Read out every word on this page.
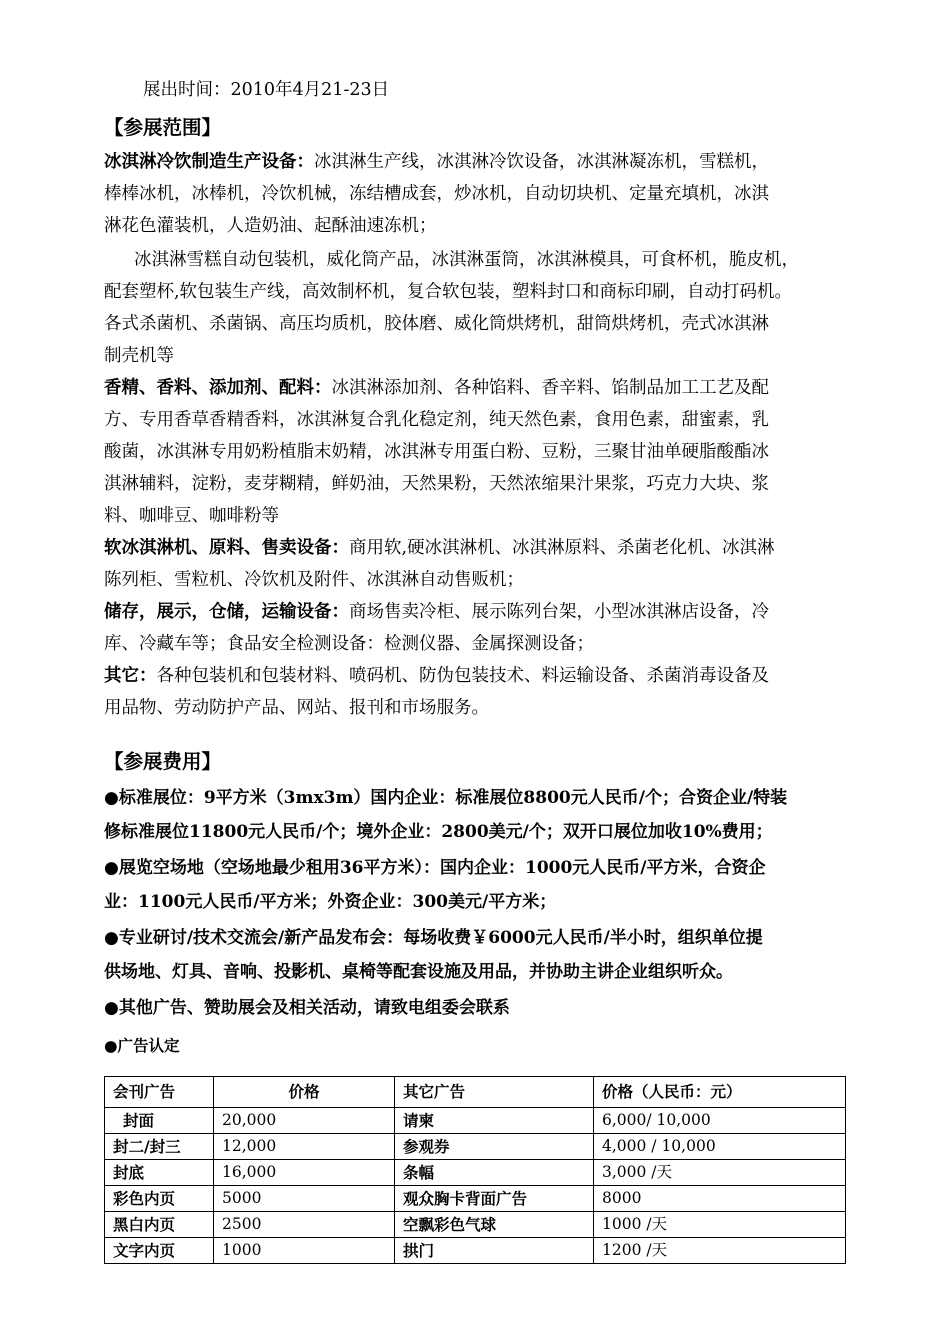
展出时间：2010年4月21-23日
【参展范围】
冰淇淋冷饮制造生产设备：冰淇淋生产线，冰淇淋冷饮设备，冰淇淋凝冻机，雪糕机，
棒棒冰机，冰棒机，冷饮机械，冻结槽成套，炒冰机，自动切块机、定量充填机，冰淇
淋花色灌装机，人造奶油、起酥油速冻机；
冰淇淋雪糕自动包装机，威化筒产品，冰淇淋蛋筒，冰淇淋模具，可食杯机，脆皮机，
配套塑杯,软包装生产线，高效制杯机，复合软包装，塑料封口和商标印刷，自动打码机。
各式杀菌机、杀菌锅、高压均质机，胶体磨、威化筒烘烤机，甜筒烘烤机，壳式冰淇淋
制壳机等
香精、香料、添加剂、配料：冰淇淋添加剂、各种馅料、香辛料、馅制品加工工艺及配
方、专用香草香精香料，冰淇淋复合乳化稳定剂，纯天然色素，食用色素，甜蜜素，乳
酸菌，冰淇淋专用奶粉植脂末奶精，冰淇淋专用蛋白粉、豆粉，三聚甘油单硬脂酸酯冰
淇淋辅料，淀粉，麦芽糊精，鲜奶油，天然果粉，天然浓缩果汁果浆，巧克力大块、浆
料、咖啡豆、咖啡粉等
软冰淇淋机、原料、售卖设备：商用软,硬冰淇淋机、冰淇淋原料、杀菌老化机、冰淇淋
陈列柜、雪粒机、冷饮机及附件、冰淇淋自动售贩机；
储存，展示，仓储，运输设备：商场售卖冷柜、展示陈列台架，小型冰淇淋店设备，冷
库、冷藏车等；食品安全检测设备：检测仪器、金属探测设备；
其它：各种包装机和包装材料、喷码机、防伪包装技术、料运输设备、杀菌消毒设备及
用品物、劳动防护产品、网站、报刊和市场服务。
【参展费用】
●标准展位：9平方米（3mx3m）国内企业：标准展位8800元人民币/个；合资企业/特装
修标准展位11800元人民币/个；境外企业：2800美元/个；双开口展位加收10%费用；
●展览空场地（空场地最少租用36平方米）：国内企业：1000元人民币/平方米，合资企
业：1100元人民币/平方米；外资企业：300美元/平方米；
●专业研讨/技术交流会/新产品发布会：每场收费￥6000元人民币/半小时，组织单位提
供场地、灯具、音响、投影机、桌椅等配套设施及用品，并协助主讲企业组织听众。
●其他广告、赞助展会及相关活动，请致电组委会联系
●广告认定
会刊广告	价格	其它广告	价格（人民币：元）
封面	20,000	请柬	6,000/ 10,000
封二/封三	12,000	参观券	4,000 / 10,000
封底	16,000	条幅	3,000 /天
彩色内页	5000	观众胸卡背面广告	8000
黑白内页	2500	空飘彩色气球	1000 /天
文字内页	1000	拱门	1200 /天
